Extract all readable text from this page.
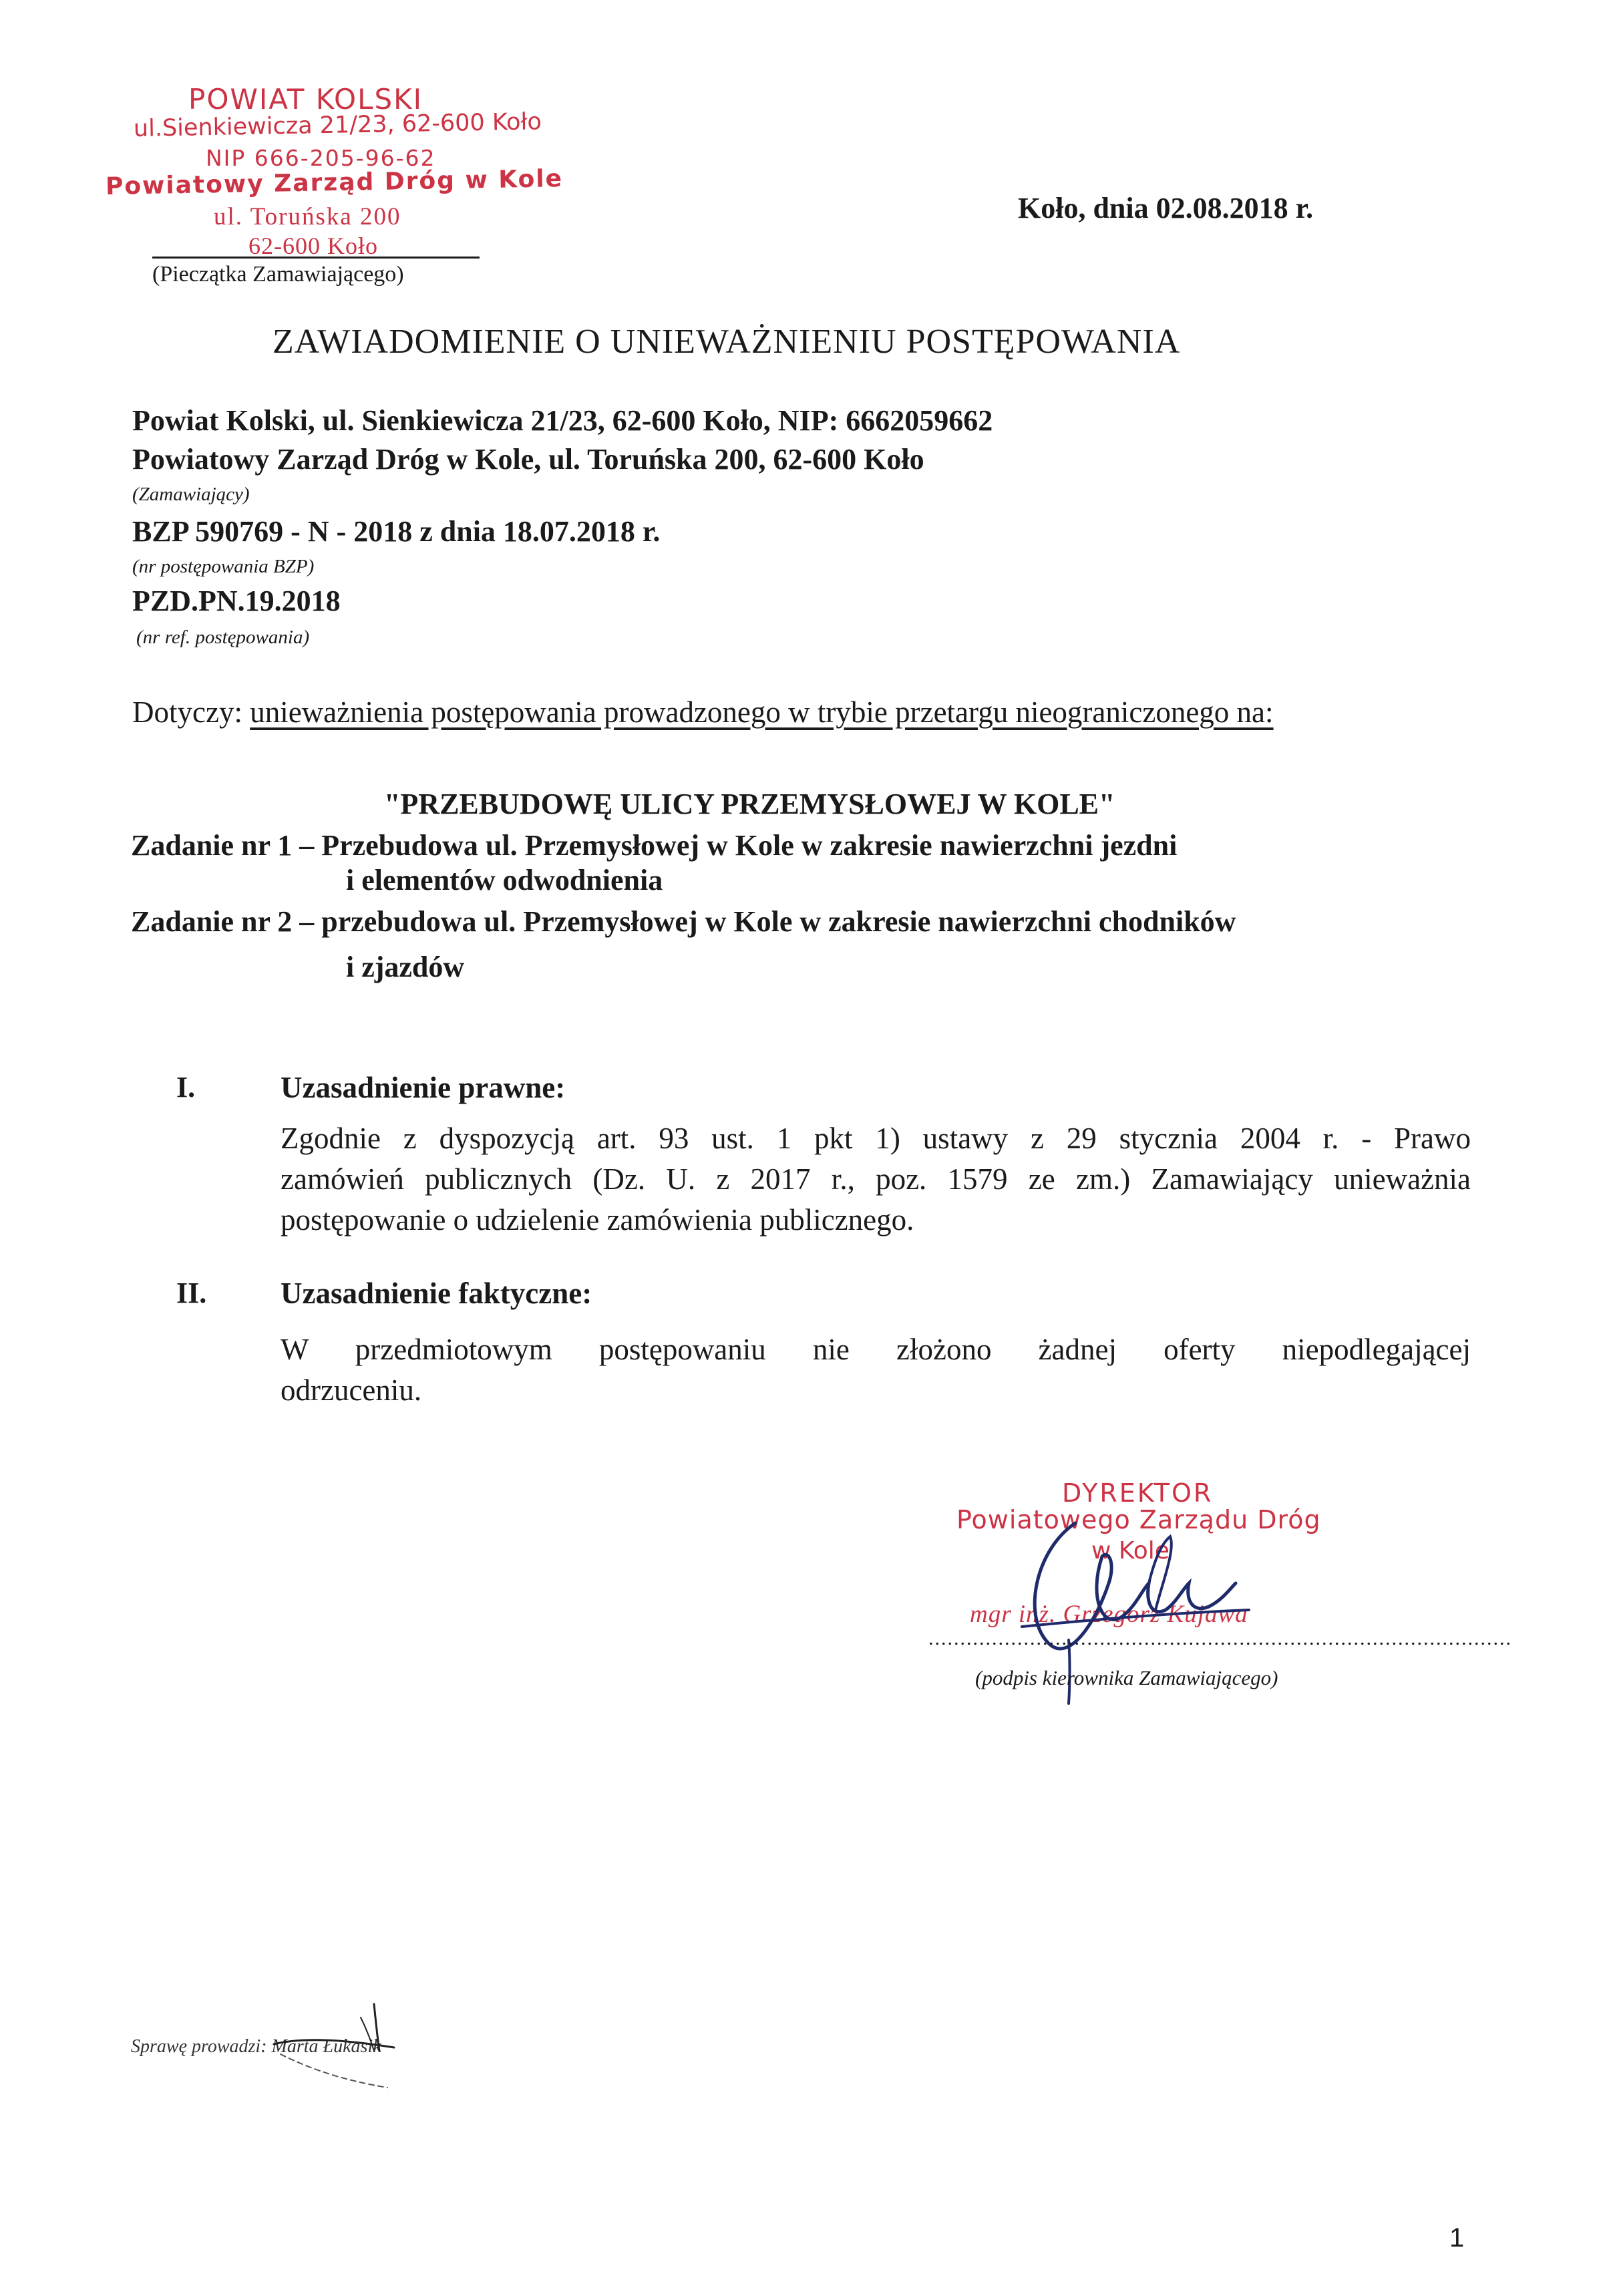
POWIAT KOLSKI
ul.Sienkiewicza 21/23, 62-600 Koło
NIP 666-205-96-62
Powiatowy Zarząd Dróg w Kole
ul. Toruńska 200
62-600 Koło
(Pieczątka Zamawiającego)
Koło, dnia 02.08.2018 r.
ZAWIADOMIENIE O UNIEWAŻNIENIU POSTĘPOWANIA
Powiat Kolski, ul. Sienkiewicza 21/23, 62-600 Koło, NIP: 6662059662
Powiatowy Zarząd Dróg w Kole, ul. Toruńska 200, 62-600 Koło
(Zamawiający)
BZP 590769 - N - 2018 z dnia 18.07.2018 r.
(nr postępowania BZP)
PZD.PN.19.2018
(nr ref. postępowania)
Dotyczy: unieważnienia postępowania prowadzonego w trybie przetargu nieograniczonego na:
"PRZEBUDOWĘ ULICY PRZEMYSŁOWEJ W KOLE"
Zadanie nr 1 – Przebudowa ul. Przemysłowej w Kole w zakresie nawierzchni jezdni
i elementów odwodnienia
Zadanie nr 2 – przebudowa ul. Przemysłowej w Kole w zakresie nawierzchni chodników
i zjazdów
I.	Uzasadnienie prawne:
Zgodnie z dyspozycją art. 93 ust. 1 pkt 1) ustawy z 29 stycznia 2004 r. - Prawo
zamówień publicznych (Dz. U. z 2017 r., poz. 1579 ze zm.) Zamawiający unieważnia
postępowanie o udzielenie zamówienia publicznego.
II. Uzasadnienie faktyczne:
W przedmiotowym postępowaniu nie złożono żadnej oferty niepodlegającej
odrzuceniu.
DYREKTOR
Powiatowego Zarządu Dróg
w Kole
mgr inż. Grzegorz Kujawa
............................................................................................
(podpis kierownika Zamawiającego)
Sprawę prowadzi: Marta Łukasik
1
